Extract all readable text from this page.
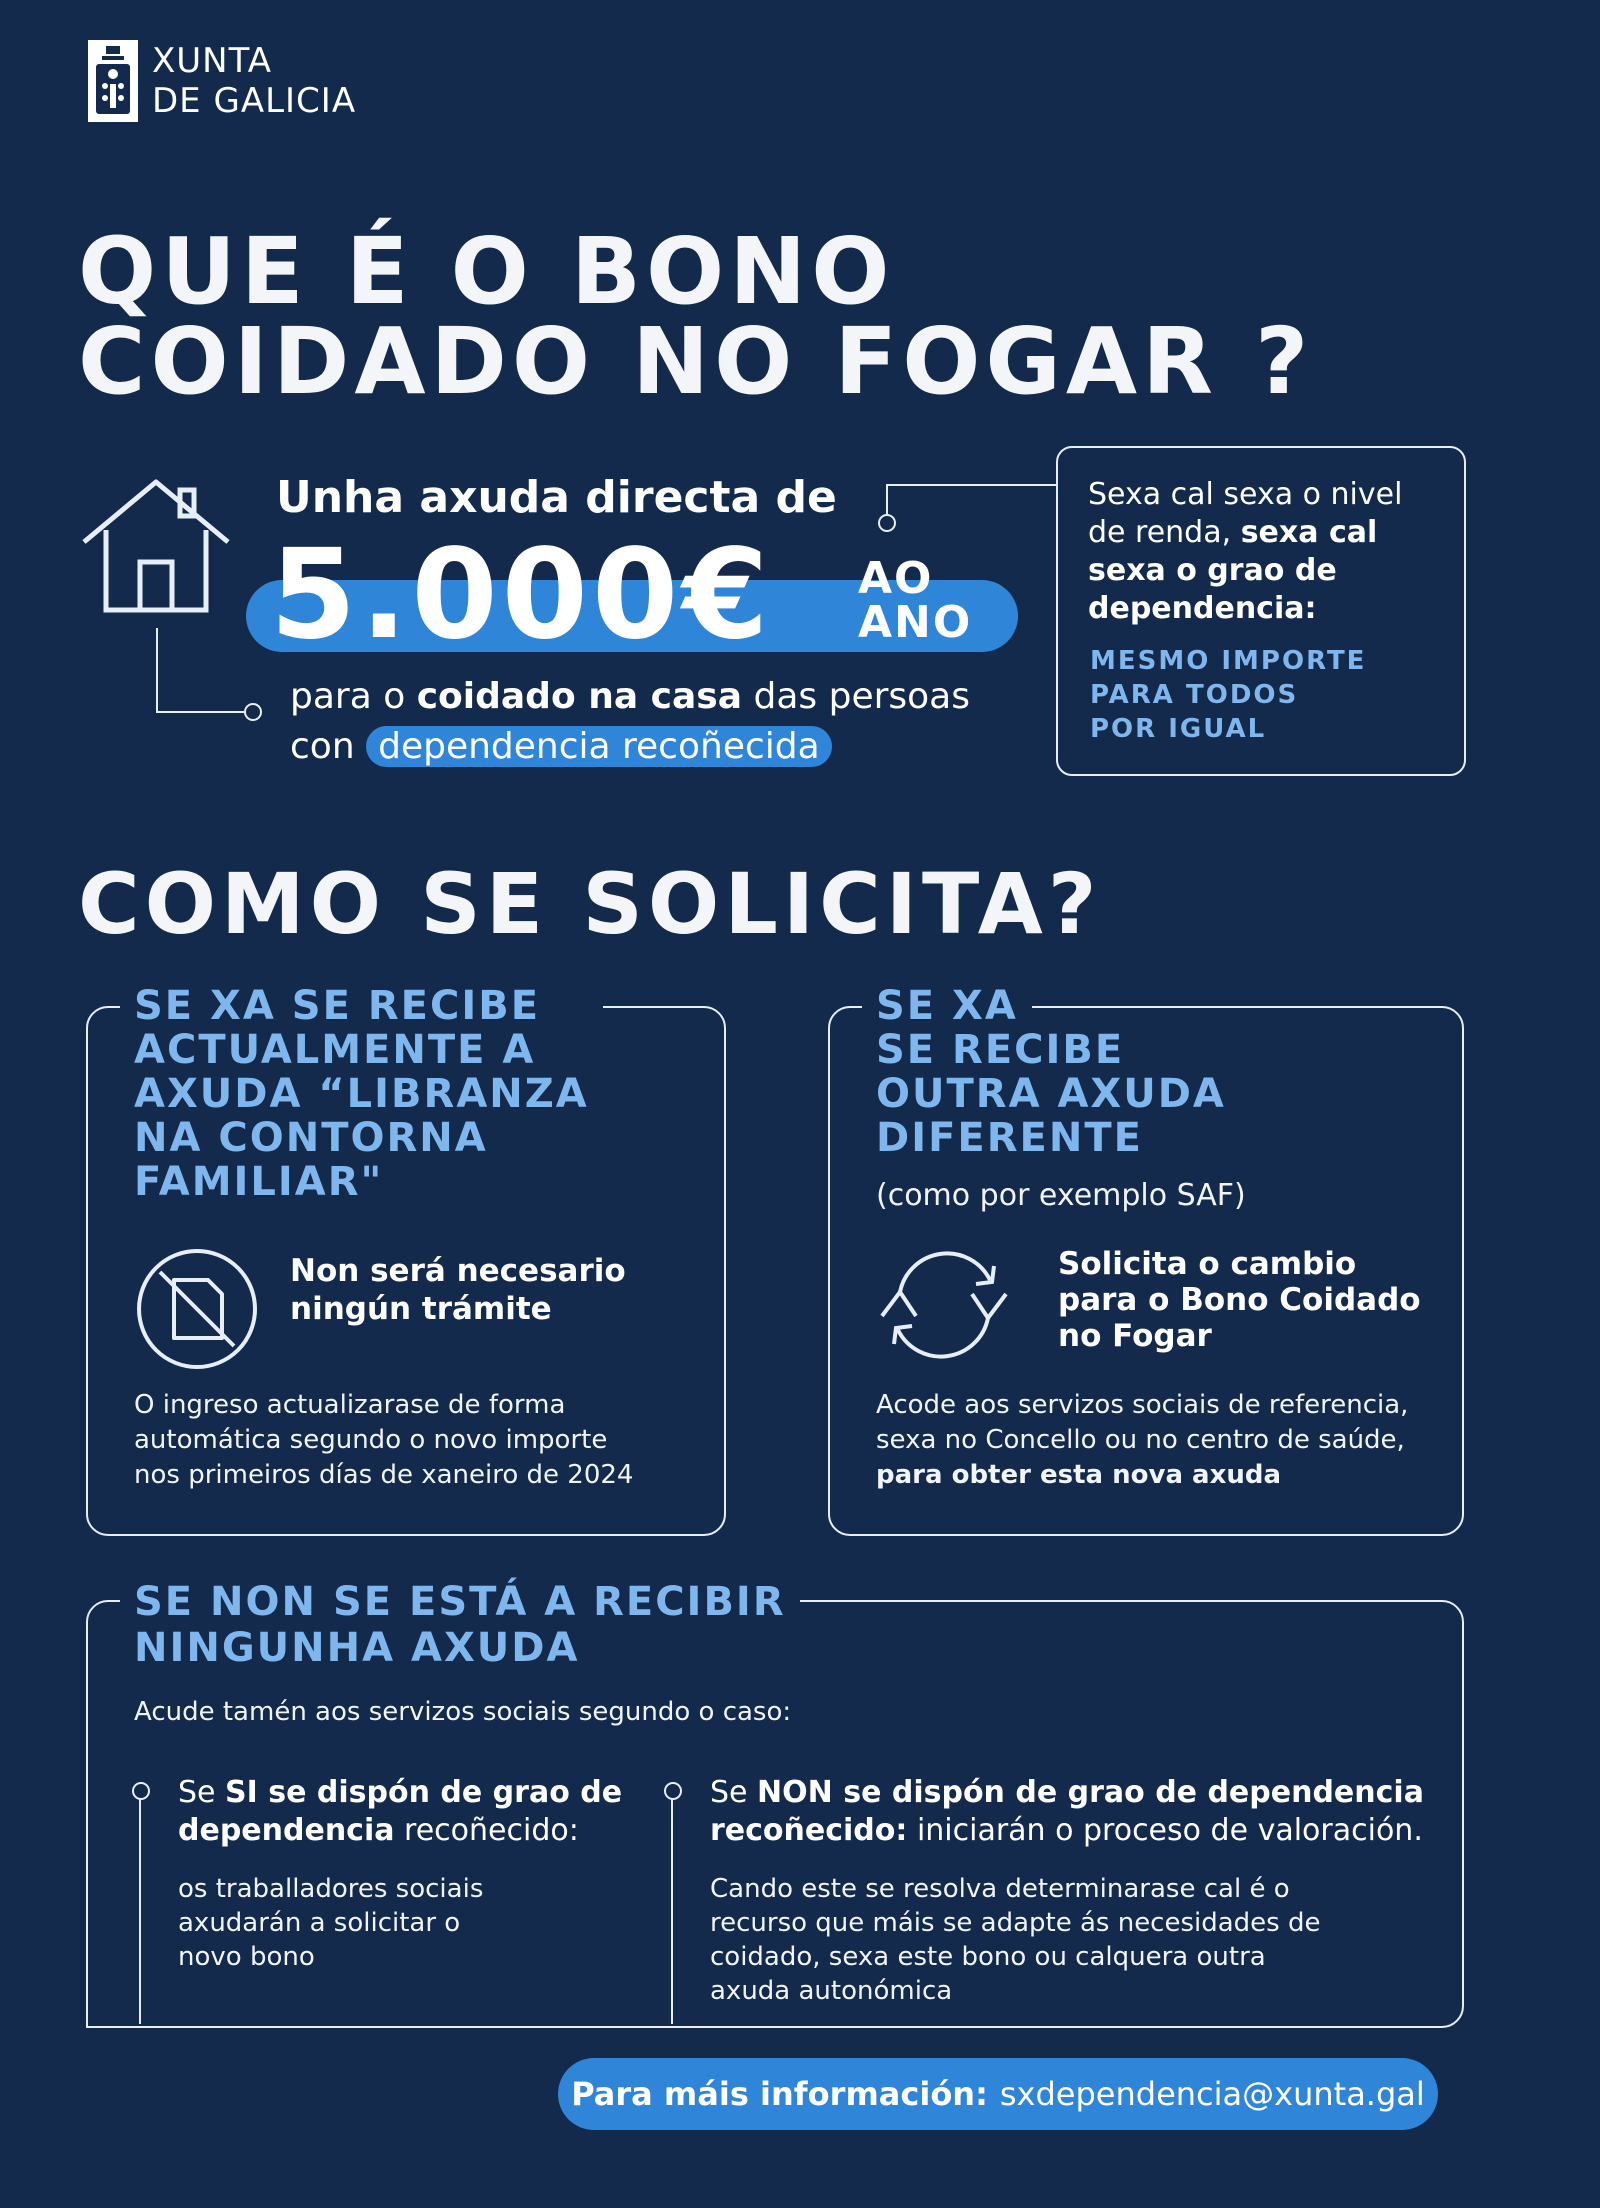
XUNTA
DE GALICIA
QUE É O BONO
COIDADO NO FOGAR ?
Unha axuda directa de
5.000€ AO
ANO
para o coidado na casa das persoas
con dependencia recoñecida
Sexa cal sexa o nivel
de renda, sexa cal
sexa o grao de
dependencia:
MESMO IMPORTE
PARA TODOS
POR IGUAL
COMO SE SOLICITA?
SE XA SE RECIBE
ACTUALMENTE A
AXUDA “LIBRANZA
NA CONTORNA
FAMILIAR"
Non será necesario
ningún trámite
O ingreso actualizarase de forma
automática segundo o novo importe
nos primeiros días de xaneiro de 2024
SE XA
SE RECIBE
OUTRA AXUDA
DIFERENTE
(como por exemplo SAF)
Solicita o cambio
para o Bono Coidado
no Fogar
Acode aos servizos sociais de referencia,
sexa no Concello ou no centro de saúde,
para obter esta nova axuda
SE NON SE ESTÁ A RECIBIR
NINGUNHA AXUDA
Acude tamén aos servizos sociais segundo o caso:
Se SI se dispón de grao de
dependencia recoñecido:
os traballadores sociais
axudarán a solicitar o
novo bono
Se NON se dispón de grao de dependencia
recoñecido: iniciarán o proceso de valoración.
Cando este se resolva determinarase cal é o
recurso que máis se adapte ás necesidades de
coidado, sexa este bono ou calquera outra
axuda autonómica
Para máis información: sxdependencia@xunta.gal
